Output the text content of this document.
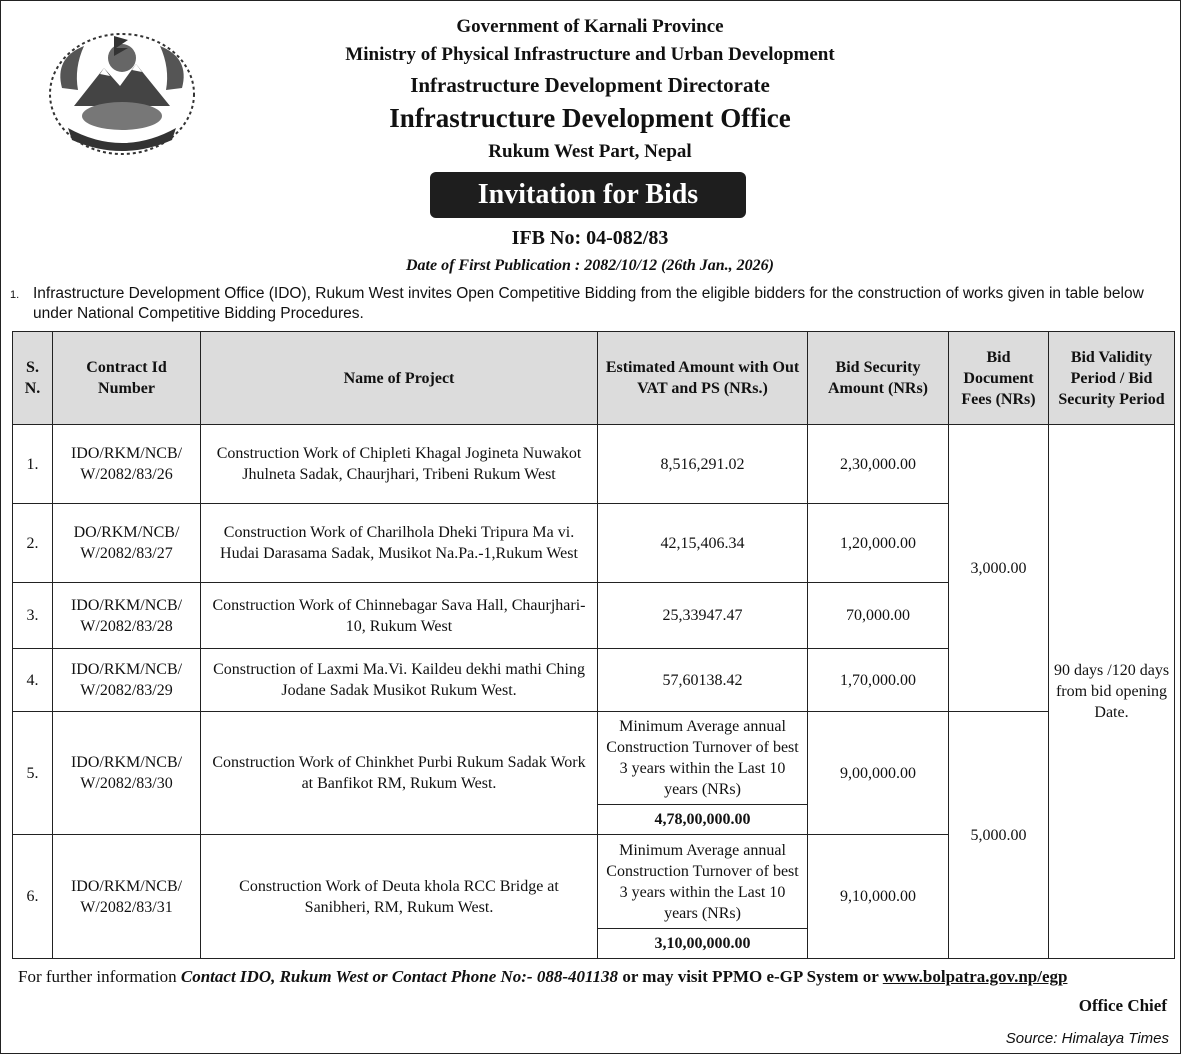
Government of Karnali Province
Ministry of Physical Infrastructure and Urban Development
Infrastructure Development Directorate
Infrastructure Development Office
Rukum West Part, Nepal
Invitation for Bids
IFB No: 04-082/83
Date of First Publication : 2082/10/12 (26th Jan., 2026)
1. Infrastructure Development Office (IDO), Rukum West invites Open Competitive Bidding from the eligible bidders for the construction of works given in table below under National Competitive Bidding Procedures.
S. N.	Contract Id Number	Name of Project	Estimated Amount with Out VAT and PS (NRs.)	Bid Security Amount (NRs)	Bid Document Fees (NRs)	Bid Validity Period / Bid Security Period
1.	IDO/RKM/NCB/ W/2082/83/26	Construction Work of Chipleti Khagal Jogineta Nuwakot Jhulneta Sadak, Chaurjhari, Tribeni Rukum West	8,516,291.02	2,30,000.00	3,000.00	90 days /120 days from bid opening Date.
2.	DO/RKM/NCB/ W/2082/83/27	Construction Work of Charilhola Dheki Tripura Ma vi. Hudai Darasama Sadak, Musikot Na.Pa.-1,Rukum West	42,15,406.34	1,20,000.00		
3.	IDO/RKM/NCB/ W/2082/83/28	Construction Work of Chinnebagar Sava Hall, Chaurjhari-10, Rukum West	25,33947.47	70,000.00		
4.	IDO/RKM/NCB/ W/2082/83/29	Construction of Laxmi Ma.Vi. Kaildeu dekhi mathi Ching Jodane Sadak Musikot Rukum West.	57,60138.42	1,70,000.00		
5.	IDO/RKM/NCB/ W/2082/83/30	Construction Work of Chinkhet Purbi Rukum Sadak Work at Banfikot RM, Rukum West.	Minimum Average annual Construction Turnover of best 3 years within the Last 10 years (NRs)	9,00,000.00	5,000.00	
			4,78,00,000.00			
6.	IDO/RKM/NCB/ W/2082/83/31	Construction Work of Deuta khola RCC Bridge at Sanibheri, RM, Rukum West.	Minimum Average annual Construction Turnover of best 3 years within the Last 10 years (NRs)	9,10,000.00		
			3,10,00,000.00			
For further information Contact IDO, Rukum West or Contact Phone No:- 088-401138 or may visit PPMO e-GP System or www.bolpatra.gov.np/egp
Office Chief
Source: Himalaya Times
